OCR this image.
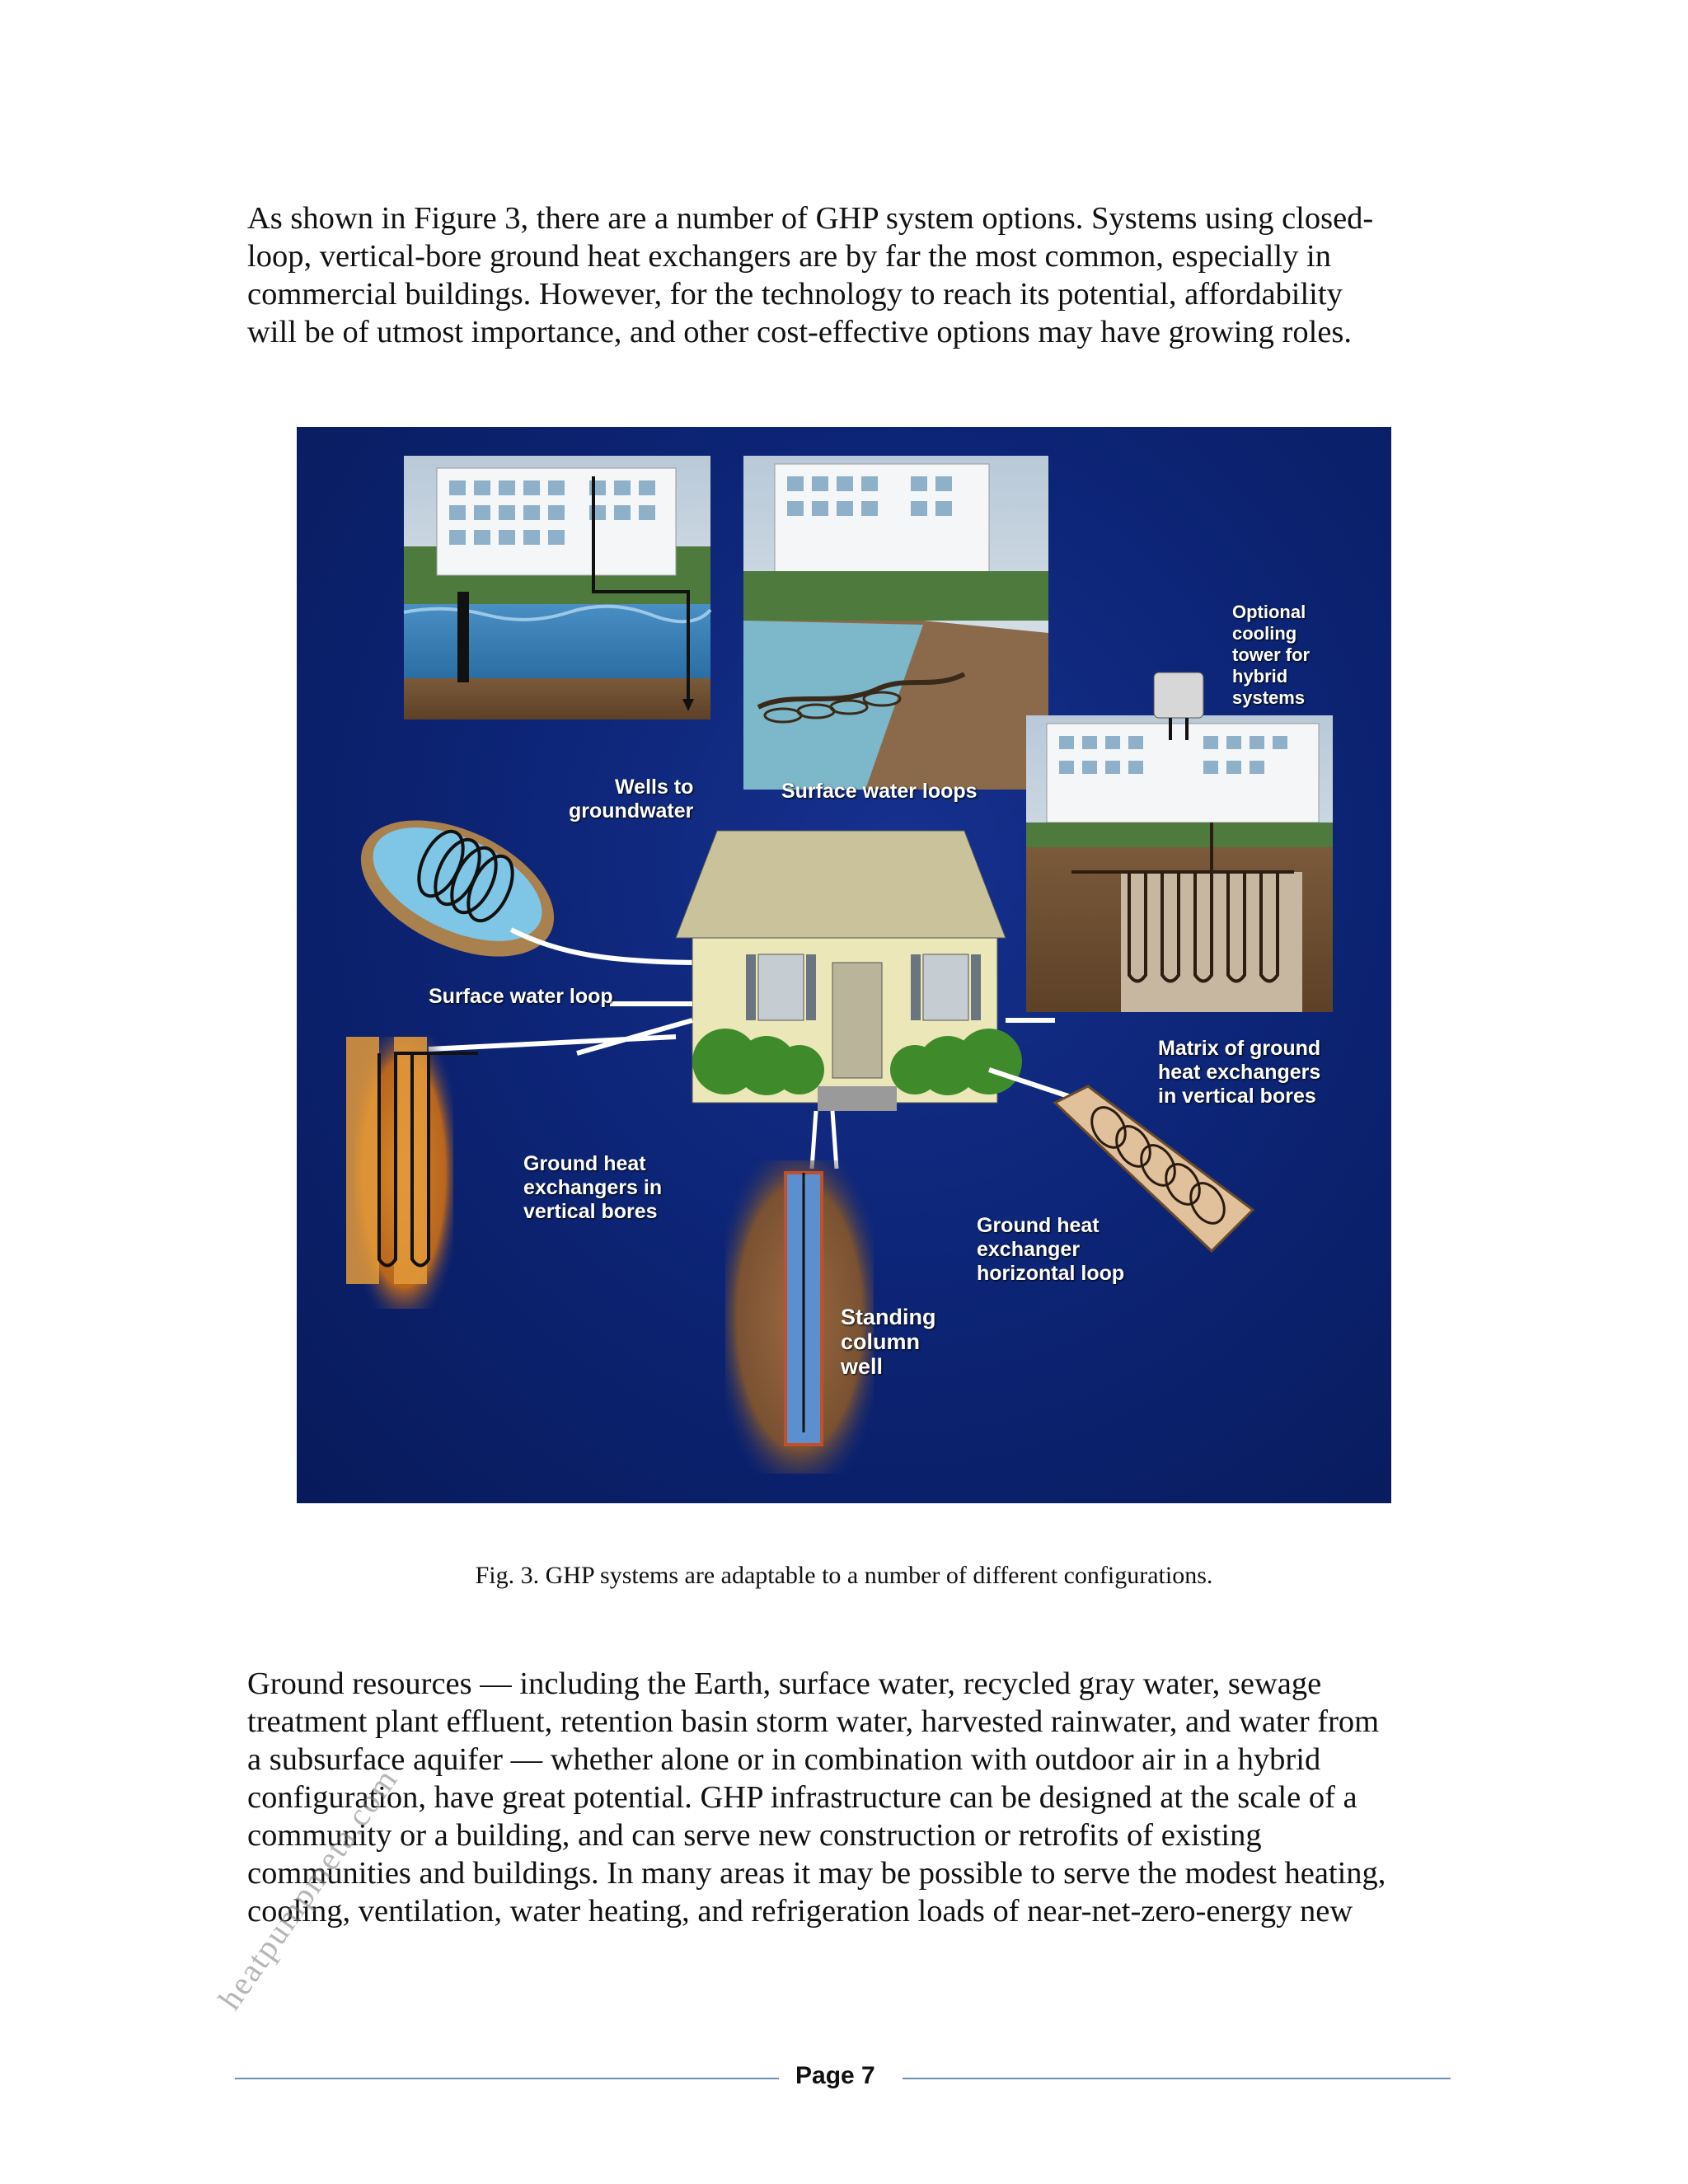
As shown in Figure 3, there are a number of GHP system options. Systems using closed-
loop, vertical-bore ground heat exchangers are by far the most common, especially in
commercial buildings. However, for the technology to reach its potential, affordability
will be of utmost importance, and other cost-effective options may have growing roles.
Wells to
groundwater
Surface water loops
Optional
cooling
tower for
hybrid
systems
Surface water loop
Matrix of ground
heat exchangers
in vertical bores
Ground heat
exchangers in
vertical bores
Ground heat
exchanger
horizontal loop
Standing
column
well

Fig. 3. GHP systems are adaptable to a number of different configurations.

Ground resources — including the Earth, surface water, recycled gray water, sewage
treatment plant effluent, retention basin storm water, harvested rainwater, and water from
a subsurface aquifer — whether alone or in combination with outdoor air in a hybrid
configuration, have great potential. GHP infrastructure can be designed at the scale of a
community or a building, and can serve new construction or retrofits of existing
communities and buildings. In many areas it may be possible to serve the modest heating,
cooling, ventilation, water heating, and refrigeration loads of near-net-zero-energy new
heatpumpmeta.com
Page 7
